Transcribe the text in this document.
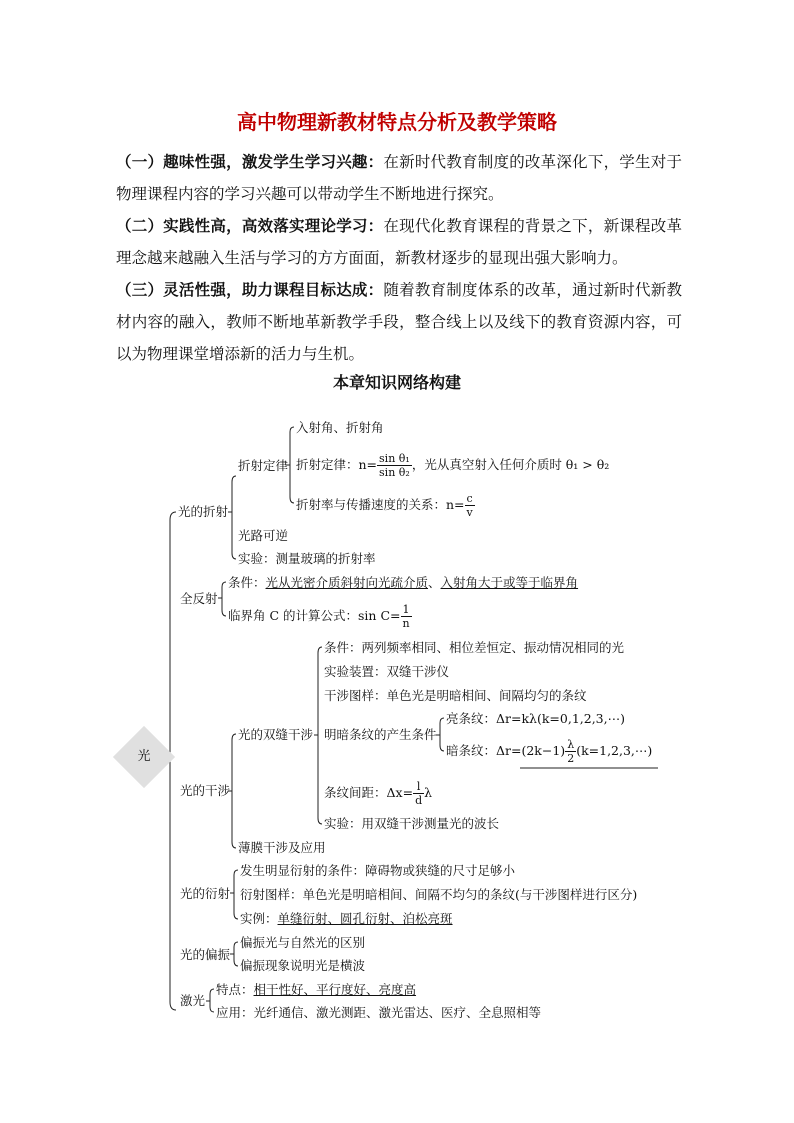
高中物理新教材特点分析及教学策略
（一）趣味性强，激发学生学习兴趣：在新时代教育制度的改革深化下，学生对于物理课程内容的学习兴趣可以带动学生不断地进行探究。
（二）实践性高，高效落实理论学习：在现代化教育课程的背景之下，新课程改革理念越来越融入生活与学习的方方面面，新教材逐步的显现出强大影响力。
（三）灵活性强，助力课程目标达成：随着教育制度体系的改革，通过新时代新教材内容的融入，教师不断地革新教学手段，整合线上以及线下的教育资源内容，可以为物理课堂增添新的活力与生机。
本章知识网络构建
光
光的折射
折射定律
入射角、折射角
折射定律：$n= \frac{\text{sin θ₁}}{\text{sin θ₂}}$ ，光从真空射入任何介质时 θ₁ > θ₂
折射率与传播速度的关系：$n= \frac{c}{v}$
光路可逆
实验：测量玻璃的折射率
全反射
条件：光从光密介质斜射向光疏介质、入射角大于或等于临界角
临界角 C 的计算公式：$\sin C= \frac{1}{n}$
光的干涉
光的双缝干涉
条件：两列频率相同、相位差恒定、振动情况相同的光
实验装置：双缝干涉仪
干涉图样：单色光是明暗相间、间隔均匀的条纹
明暗条纹的产生条件
亮条纹：Δr=kλ(k=0,1,2,3,⋯)
暗条纹：$\Delta r=(2k-1) \frac{\lambda}{2}$ (k=1,2,3,⋯)
条纹间距：$\Delta x= \frac{l}{d}$ λ
实验：用双缝干涉测量光的波长
薄膜干涉及应用
光的衍射
发生明显衍射的条件：障碍物或狭缝的尺寸足够小
衍射图样：单色光是明暗相间、间隔不均匀的条纹(与干涉图样进行区分)
实例：单缝衍射、圆孔衍射、泊松亮斑
光的偏振
偏振光与自然光的区别
偏振现象说明光是横波
激光
特点：相干性好、平行度好、亮度高
应用：光纤通信、激光测距、激光雷达、医疗、全息照相等
